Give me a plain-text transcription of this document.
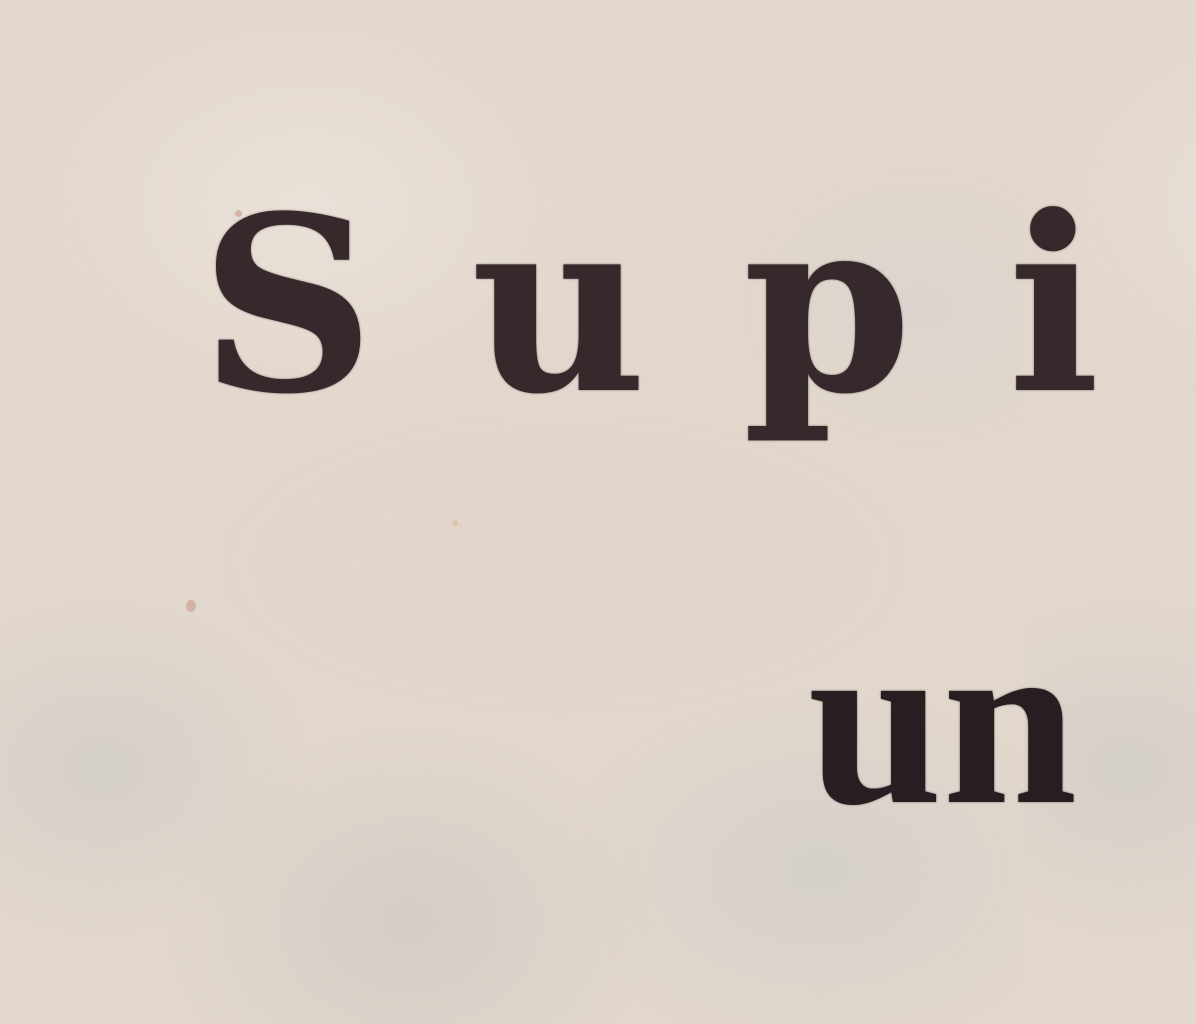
Supi

un
